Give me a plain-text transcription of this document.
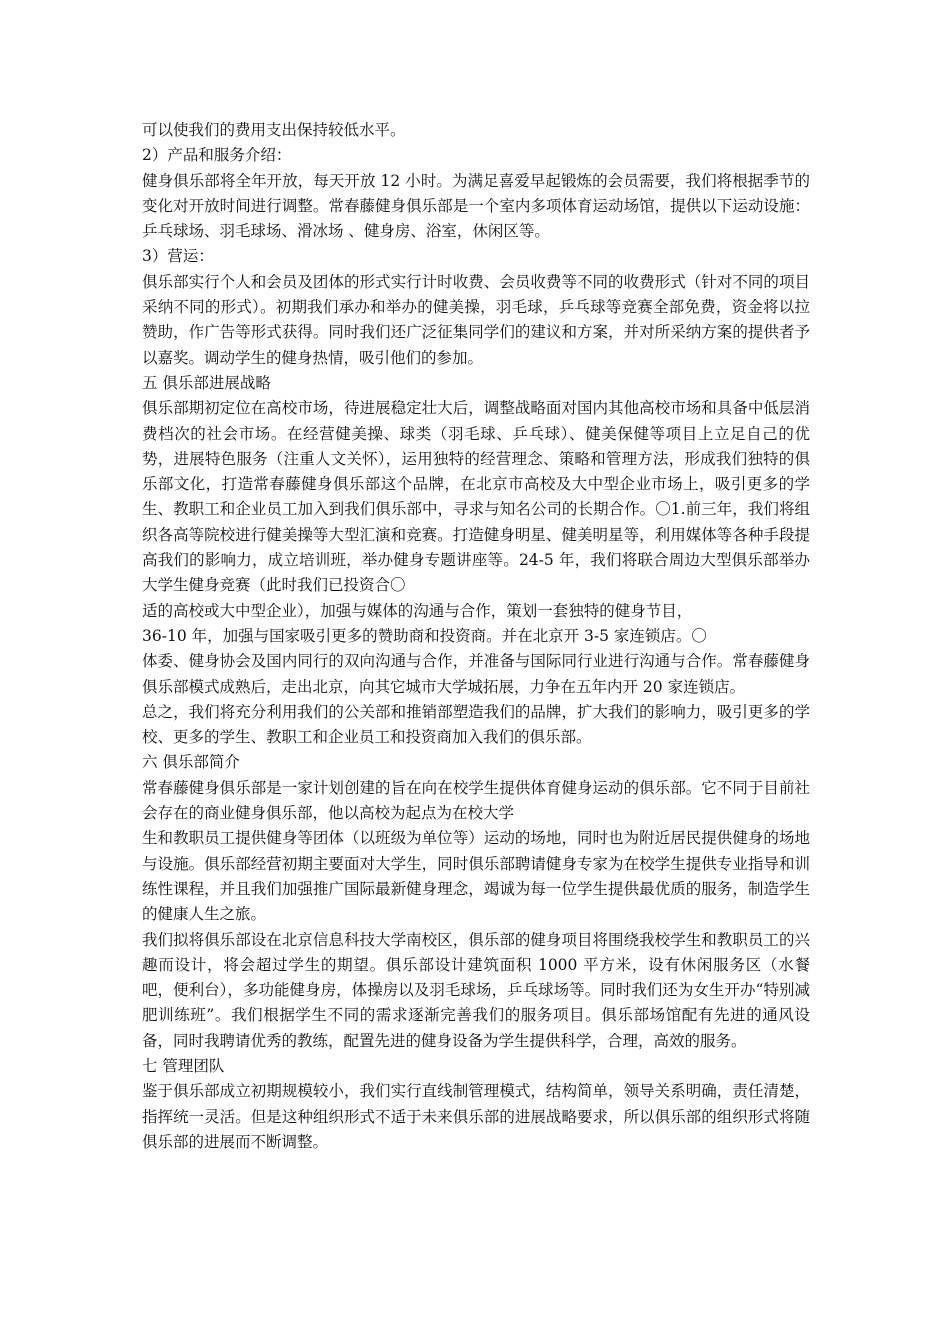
可以使我们的费用支出保持较低水平。

2）产品和服务介绍：

健身俱乐部将全年开放，每天开放 12 小时。为满足喜爱早起锻炼的会员需要，我们将根据季节的变化对开放时间进行调整。常春藤健身俱乐部是一个室内多项体育运动场馆，提供以下运动设施：乒乓球场、羽毛球场、滑冰场 、健身房、浴室，休闲区等。

3）营运：

俱乐部实行个人和会员及团体的形式实行计时收费、会员收费等不同的收费形式（针对不同的项目采纳不同的形式）。初期我们承办和举办的健美操，羽毛球，乒乓球等竞赛全部免费，资金将以拉赞助，作广告等形式获得。同时我们还广泛征集同学们的建议和方案，并对所采纳方案的提供者予以嘉奖。调动学生的健身热情，吸引他们的参加。

五 俱乐部进展战略

俱乐部期初定位在高校市场，待进展稳定壮大后，调整战略面对国内其他高校市场和具备中低层消费档次的社会市场。在经营健美操、球类（羽毛球、乒乓球）、健美保健等项目上立足自己的优势，进展特色服务（注重人文关怀），运用独特的经营理念、策略和管理方法，形成我们独特的俱乐部文化，打造常春藤健身俱乐部这个品牌，在北京市高校及大中型企业市场上，吸引更多的学生、教职工和企业员工加入到我们俱乐部中，寻求与知名公司的长期合作。〇1.前三年，我们将组织各高等院校进行健美操等大型汇演和竞赛。打造健身明星、健美明星等，利用媒体等各种手段提高我们的影响力，成立培训班，举办健身专题讲座等。24-5 年，我们将联合周边大型俱乐部举办大学生健身竞赛（此时我们已投资合〇

适的高校或大中型企业），加强与媒体的沟通与合作，策划一套独特的健身节目，

36-10 年，加强与国家吸引更多的赞助商和投资商。并在北京开 3-5 家连锁店。〇

体委、健身协会及国内同行的双向沟通与合作，并准备与国际同行业进行沟通与合作。常春藤健身俱乐部模式成熟后，走出北京，向其它城市大学城拓展，力争在五年内开 20 家连锁店。

总之，我们将充分利用我们的公关部和推销部塑造我们的品牌，扩大我们的影响力，吸引更多的学校、更多的学生、教职工和企业员工和投资商加入我们的俱乐部。

六 俱乐部简介

常春藤健身俱乐部是一家计划创建的旨在向在校学生提供体育健身运动的俱乐部。它不同于目前社会存在的商业健身俱乐部，他以高校为起点为在校大学

生和教职员工提供健身等团体（以班级为单位等）运动的场地，同时也为附近居民提供健身的场地与设施。俱乐部经营初期主要面对大学生，同时俱乐部聘请健身专家为在校学生提供专业指导和训练性课程，并且我们加强推广国际最新健身理念，竭诚为每一位学生提供最优质的服务，制造学生的健康人生之旅。

我们拟将俱乐部设在北京信息科技大学南校区，俱乐部的健身项目将围绕我校学生和教职员工的兴趣而设计，将会超过学生的期望。俱乐部设计建筑面积 1000 平方米，设有休闲服务区（水餐吧，便利台），多功能健身房，体操房以及羽毛球场，乒乓球场等。同时我们还为女生开办“特别减肥训练班”。我们根据学生不同的需求逐渐完善我们的服务项目。俱乐部场馆配有先进的通风设备，同时我聘请优秀的教练，配置先进的健身设备为学生提供科学，合理，高效的服务。

七 管理团队

鉴于俱乐部成立初期规模较小，我们实行直线制管理模式，结构简单，领导关系明确，责任清楚，指挥统一灵活。但是这种组织形式不适于未来俱乐部的进展战略要求，所以俱乐部的组织形式将随俱乐部的进展而不断调整。
